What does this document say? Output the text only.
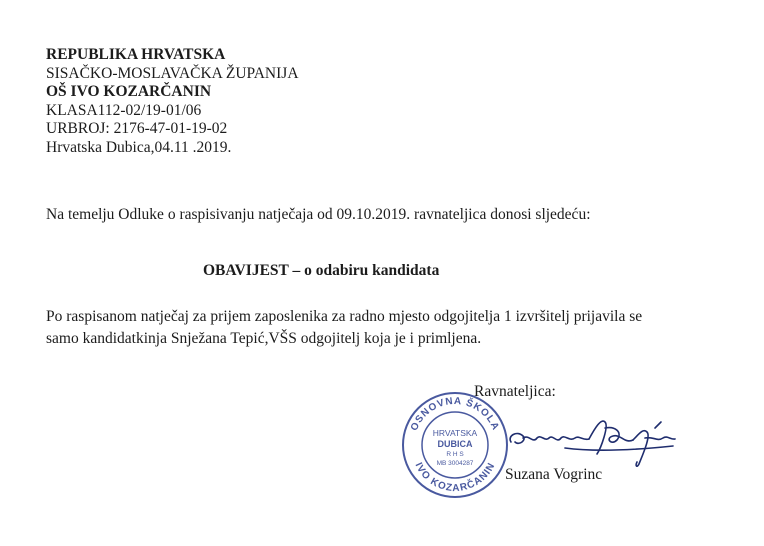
REPUBLIKA HRVATSKA
SISAČKO-MOSLAVAČKA ŽUPANIJA
OŠ IVO KOZARČANIN
KLASA112-02/19-01/06
URBROJ: 2176-47-01-19-02
Hrvatska Dubica,04.11 .2019.
Na temelju Odluke o raspisivanju natječaja od 09.10.2019. ravnateljica donosi sljedeću:
OBAVIJEST – o odabiru kandidata
Po raspisanom natječaj za prijem zaposlenika za radno mjesto odgojitelja 1 izvršitelj prijavila se
samo kandidatkinja Snježana Tepić,VŠS odgojitelj koja je i primljena.
Ravnateljica:
OSNOVNA ŠKOLA
IVO KOZARČANIN
HRVATSKA
DUBICA
R H S
MB 3004287
Suzana Vogrinc
